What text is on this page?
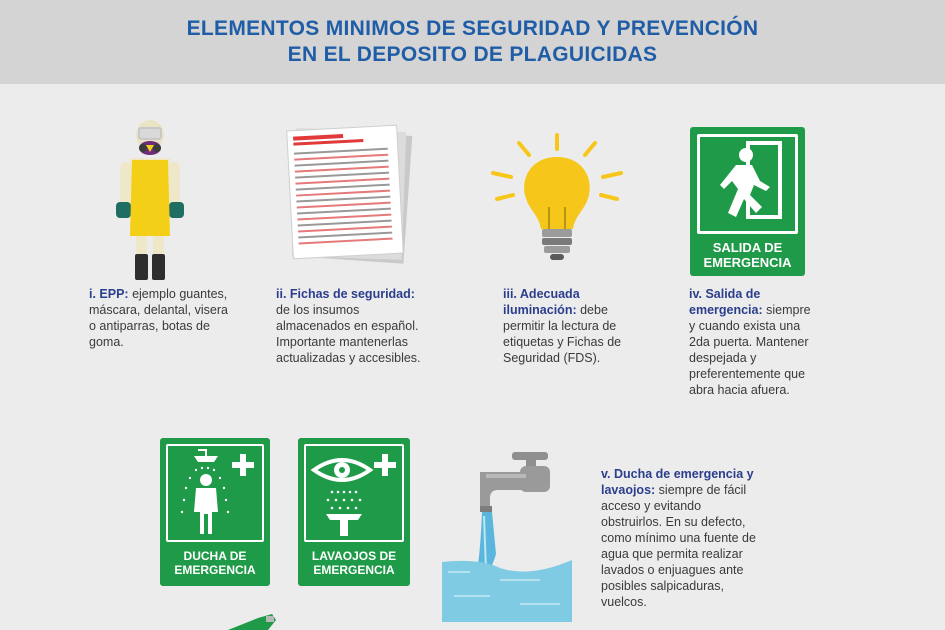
ELEMENTOS MINIMOS DE SEGURIDAD Y PREVENCIÓN
EN EL DEPOSITO DE PLAGUICIDAS
i. EPP: ejemplo guantes, máscara, delantal, visera o antiparras, botas de goma.
ii. Fichas de seguridad: de los insumos almacenados en español. Importante mantenerlas actualizadas y accesibles.
iii. Adecuada iluminación: debe permitir la lectura de etiquetas y Fichas de Seguridad (FDS).
SALIDA DE EMERGENCIA
iv. Salida de emergencia: siempre y cuando exista una 2da puerta. Mantener despejada y preferentemente que abra hacia afuera.
DUCHA DE EMERGENCIA
LAVAOJOS DE EMERGENCIA
v. Ducha de emergencia y lavaojos: siempre de fácil acceso y evitando obstruirlos. En su defecto, como mínimo una fuente de agua que permita realizar lavados o enjuagues ante posibles salpicaduras, vuelcos.
